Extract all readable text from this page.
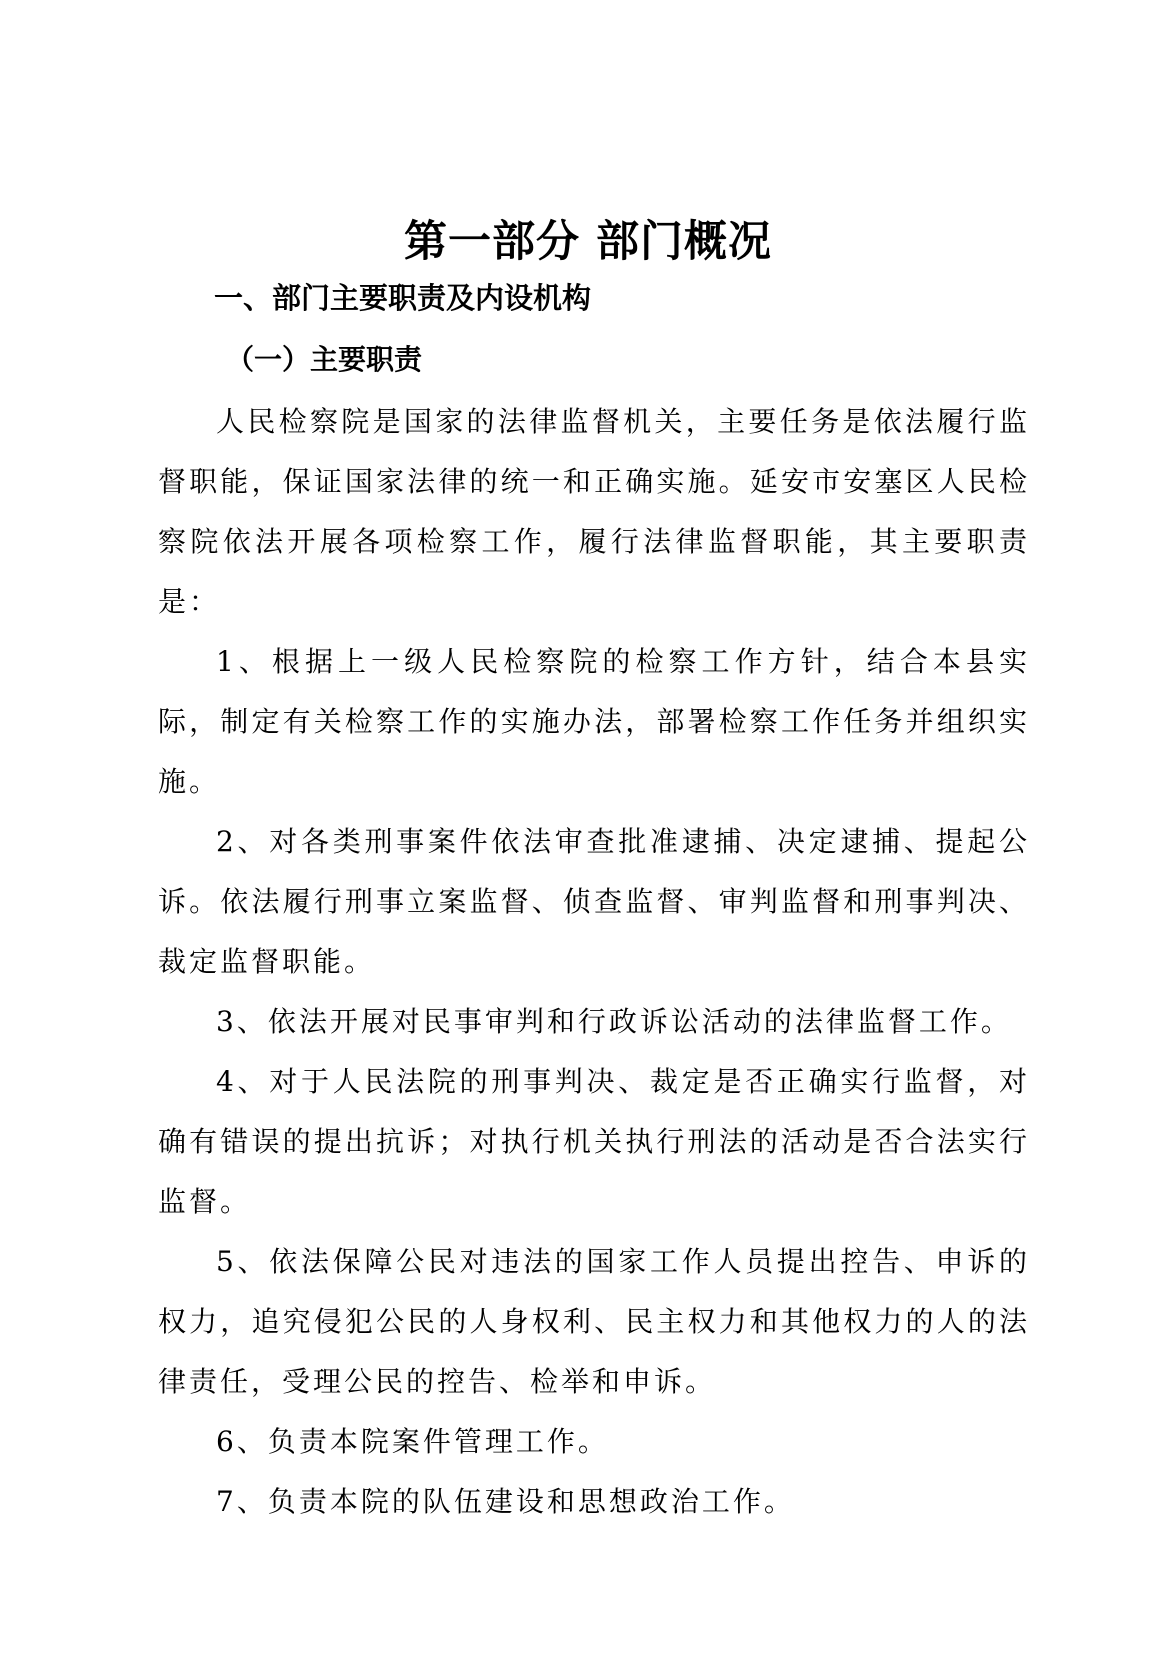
第一部分 部门概况
一、部门主要职责及内设机构
（一）主要职责

人民检察院是国家的法律监督机关，主要任务是依法履行监督职能，保证国家法律的统一和正确实施。延安市安塞区人民检察院依法开展各项检察工作，履行法律监督职能，其主要职责是：

1、根据上一级人民检察院的检察工作方针，结合本县实际，制定有关检察工作的实施办法，部署检察工作任务并组织实施。

2、对各类刑事案件依法审查批准逮捕、决定逮捕、提起公诉。依法履行刑事立案监督、侦查监督、审判监督和刑事判决、裁定监督职能。

3、依法开展对民事审判和行政诉讼活动的法律监督工作。

4、对于人民法院的刑事判决、裁定是否正确实行监督，对确有错误的提出抗诉；对执行机关执行刑法的活动是否合法实行监督。

5、依法保障公民对违法的国家工作人员提出控告、申诉的权力，追究侵犯公民的人身权利、民主权力和其他权力的人的法律责任，受理公民的控告、检举和申诉。

6、负责本院案件管理工作。

7、负责本院的队伍建设和思想政治工作。
